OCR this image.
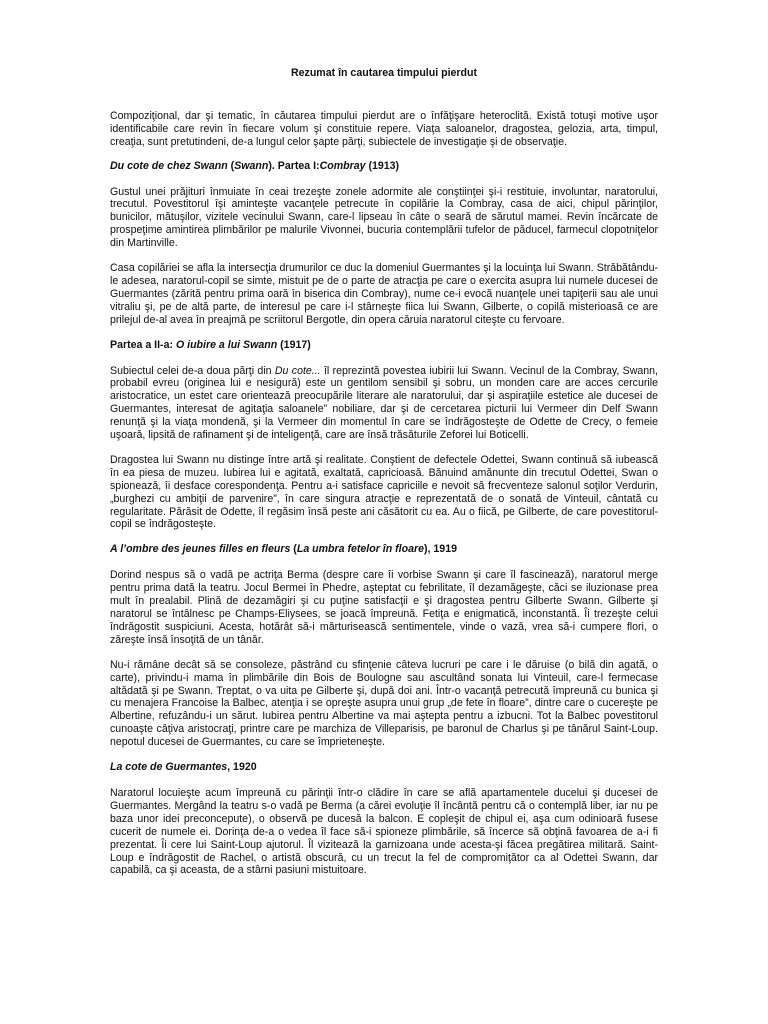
Rezumat în cautarea timpului pierdut

Compoziţional, dar şi tematic, în căutarea timpului pierdut are o înfăţişare heteroclită. Există totuşi motive uşor identificabile care revin în fiecare volum şi constituie repere. Viaţa saloanelor, dragostea, gelozia, arta, timpul, creaţia, sunt pretutindeni, de-a lungul celor şapte părţi, subiectele de investigaţie şi de observaţie.

Du cote de chez Swann (Swann). Partea I:Combray (1913)

Gustul unei prăjituri înmuiate în ceai trezeşte zonele adormite ale conştiinţei şi-i restituie, involuntar, naratorului, trecutul. Povestitorul îşi aminteşte vacanţele petrecute în copilărie la Combray, casa de aici, chipul părinţilor, bunicilor, mătuşilor, vizitele vecinului Swann, care-l lipseau în câte o seară de sărutul mamei. Revin încărcate de prospeţime amintirea plimbărilor pe malurile Vivonnei, bucuria contemplării tufelor de păducel, farmecul clopotniţelor din Martinville.

Casa copilăriei se afla la intersecţia drumurilor ce duc la domeniul Guermantes şi la locuinţa lui Swann. Străbătându-le adesea, naratorul-copil se simte, mistuit pe de o parte de atracţia pe care o exercita asupra lui numele ducesei de Guermantes (zărită pentru prima oară în biserica din Combray), nume ce-i evocă nuanţele unei tapiţerii sau ale unui vitraliu şi, pe de altă parte, de interesul pe care i-l stârneşte fiica lui Swann, Gilberte, o copilă misterioasă ce are prilejul de-al avea în preajmă pe scriitorul Bergotle, din opera căruia naratorul citeşte cu fervoare.

Partea a II-a: O iubire a lui Swann (1917)

Subiectul celei de-a doua părţi din Du cote... îl reprezintă povestea iubirii lui Swann. Vecinul de la Combray, Swann, probabil evreu (originea lui e nesigură) este un gentilom sensibil şi sobru, un monden care are acces cercurile aristocratice, un estet care orientează preocupările literare ale naratorului, dar şi aspiraţiile estetice ale ducesei de Guermantes, interesat de agitaţia saloanele” nobiliare, dar şi de cercetarea picturii lui Vermeer din Delf Swann renunţă şi la viaţa mondenă, şi la Vermeer din momentul în care se îndrăgosteşte de Odette de Crecy, o femeie uşoară, lipsită de rafinament şi de inteligenţă, care are însă trăsăturile Zeforei lui Boticelli.

Dragostea lui Swann nu distinge între artă şi realitate. Conştient de defectele Odettei, Swann continuă să iubească în ea piesa de muzeu. Iubirea lui e agitată, exaltată, capricioasă. Bănuind amănunte din trecutul Odettei, Swan o spionează, îi desface corespondenţa. Pentru a-i satisface capriciile e nevoit să frecventeze salonul soţilor Verdurin, „burghezi cu ambiţii de parvenire”, în care singura atracţie e reprezentată de o sonată de Vinteuil, cântată cu regularitate. Părăsit de Odette, îl regăsim însă peste ani căsătorit cu ea. Au o fiică, pe Gilberte, de care povestitorul-copil se îndrăgosteşte.

A l’ombre des jeunes filles en fleurs (La umbra fetelor în floare), 1919

Dorind nespus să o vadă pe actriţa Berma (despre care îi vorbise Swann şi care îl fascinează), naratorul merge pentru prima dată la teatru. Jocul Bermei în Phedre, aşteptat cu febrilitate, îl dezamăgeşte, căci se iluzionase prea mult în prealabil. Plină de dezamăgiri şi cu puţine satisfacţii e şi dragostea pentru Gilberte Swann. Gilberte şi naratorul se întâlnesc pe Champs-Eliysees, se joacă împreună. Fetiţa e enigmatică, inconstantă. Îi trezeşte celui îndrăgostit suspiciuni. Acesta, hotărât să-i mărturisească sentimentele, vinde o vază, vrea să-i cumpere flori, o zăreşte însă însoţită de un tânăr.

Nu-i rămâne decât să se consoleze, păstrând cu sfinţenie câteva lucruri pe care i le dăruise (o bilă din agată, o carte), privindu-i mama în plimbările din Bois de Boulogne sau ascultând sonata lui Vinteuil, care-l fermecase altădată şi pe Swann. Treptat, o va uita pe Gilberte şi, după doi ani. Într-o vacanţă petrecută împreună cu bunica şi cu menajera Francoise la Balbec, atenţia i se opreşte asupra unui grup „de fete în floare”, dintre care o cucereşte pe Albertine, refuzându-i un sărut. Iubirea pentru Albertine va mai aştepta pentru a izbucni. Tot la Balbec povestitorul cunoaşte câţiva aristocraţi, printre care pe marchiza de Villeparisis, pe baronul de Charlus şi pe tânărul Saint-Loup. nepotul ducesei de Guermantes, cu care se împrieteneşte.

La cote de Guermantes, 1920

Naratorul locuieşte acum împreună cu părinţii într-o clădire în care se află apartamentele ducelui şi ducesei de Guermantes. Mergând la teatru s-o vadă pe Berma (a cărei evoluţie îl încântă pentru că o contemplă liber, iar nu pe baza unor idei preconcepute), o observă pe ducesă la balcon. E copleşit de chipul ei, aşa cum odinioară fusese cucerit de numele ei. Dorinţa de-a o vedea îl face să-i spioneze plimbările, să încerce să obţină favoarea de a-i fi prezentat. Îi cere lui Saint-Loup ajutorul. Îl vizitează la garnizoana unde acesta-şi făcea pregătirea militară. Saint-Loup e îndrăgostit de Rachel, o artistă obscură, cu un trecut la fel de compromiţător ca al Odettei Swann, dar capabilă, ca şi aceasta, de a stârni pasiuni mistuitoare.
